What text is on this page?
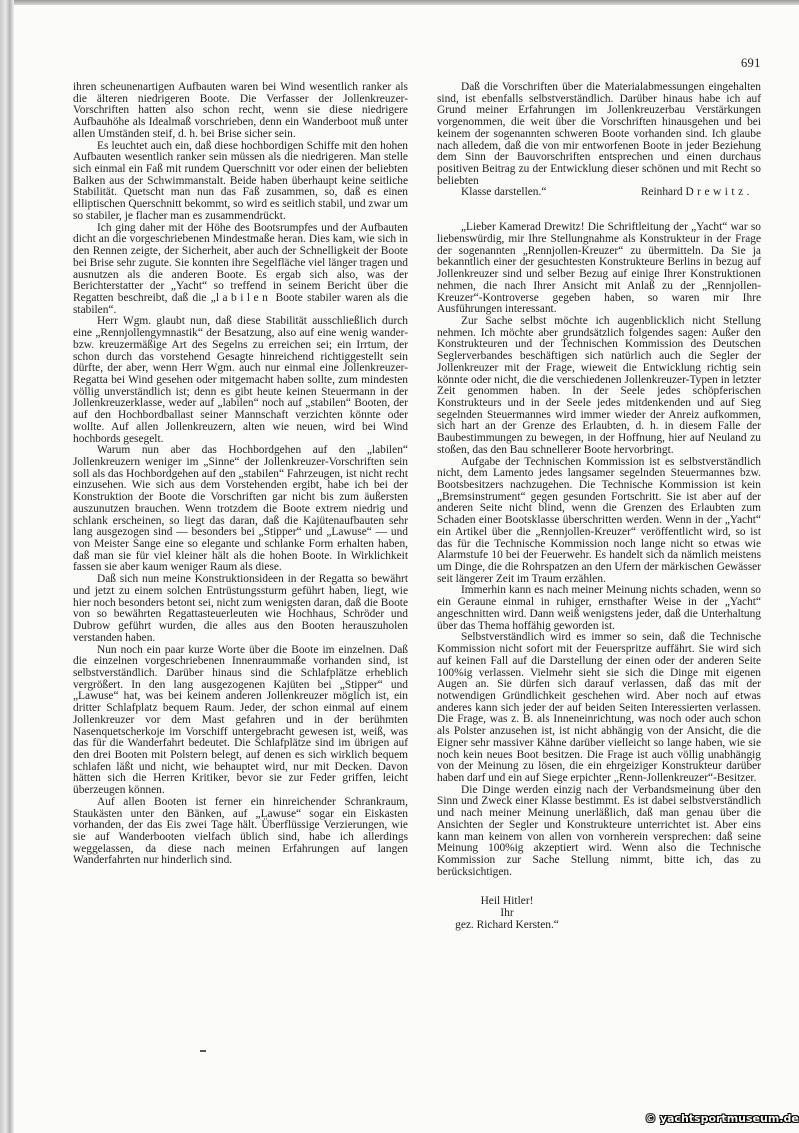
691

ihren scheunenartigen Aufbauten waren bei Wind wesentlich ranker als die älteren niedrigeren Boote. Die Verfasser der Jollenkreuzer-Vorschriften hatten also schon recht, wenn sie diese niedrigere Aufbauhöhe als Idealmaß vorschrieben, denn ein Wanderboot muß unter allen Umständen steif, d. h. bei Brise sicher sein.

Es leuchtet auch ein, daß diese hochbordigen Schiffe mit den hohen Aufbauten wesentlich ranker sein müssen als die niedrigeren. Man stelle sich einmal ein Faß mit rundem Querschnitt vor oder einen der beliebten Balken aus der Schwimmanstalt. Beide haben überhaupt keine seitliche Stabilität. Quetscht man nun das Faß zusammen, so, daß es einen elliptischen Querschnitt bekommt, so wird es seitlich stabil, und zwar um so stabiler, je flacher man es zusammendrückt.

Ich ging daher mit der Höhe des Bootsrumpfes und der Aufbauten dicht an die vorgeschriebenen Mindestmaße heran. Dies kam, wie sich in den Rennen zeigte, der Sicherheit, aber auch der Schnelligkeit der Boote bei Brise sehr zugute. Sie konnten ihre Segelfläche viel länger tragen und ausnutzen als die anderen Boote. Es ergab sich also, was der Berichterstatter der „Yacht“ so treffend in seinem Bericht über die Regatten beschreibt, daß die „labilen Boote stabiler waren als die stabilen“.

Herr Wgm. glaubt nun, daß diese Stabilität ausschließlich durch eine „Rennjollengymnastik“ der Besatzung, also auf eine wenig wander- bzw. kreuzermäßige Art des Segelns zu erreichen sei; ein Irrtum, der schon durch das vorstehend Gesagte hinreichend richtiggestellt sein dürfte, der aber, wenn Herr Wgm. auch nur einmal eine Jollenkreuzer-Regatta bei Wind gesehen oder mitgemacht haben sollte, zum mindesten völlig unverständlich ist; denn es gibt heute keinen Steuermann in der Jollenkreuzerklasse, weder auf „labilen“ noch auf „stabilen“ Booten, der auf den Hochbordballast seiner Mannschaft verzichten könnte oder wollte. Auf allen Jollenkreuzern, alten wie neuen, wird bei Wind hochbords gesegelt.

Warum nun aber das Hochbordgehen auf den „labilen“ Jollenkreuzern weniger im „Sinne“ der Jollenkreuzer-Vorschriften sein soll als das Hochbordgehen auf den „stabilen“ Fahrzeugen, ist nicht recht einzusehen. Wie sich aus dem Vorstehenden ergibt, habe ich bei der Konstruktion der Boote die Vorschriften gar nicht bis zum äußersten auszunutzen brauchen. Wenn trotzdem die Boote extrem niedrig und schlank erscheinen, so liegt das daran, daß die Kajütenaufbauten sehr lang ausgezogen sind — besonders bei „Stipper“ und „Lawuse“ — und von Meister Sange eine so elegante und schlanke Form erhalten haben, daß man sie für viel kleiner hält als die hohen Boote. In Wirklichkeit fassen sie aber kaum weniger Raum als diese.

Daß sich nun meine Konstruktionsideen in der Regatta so bewährt und jetzt zu einem solchen Entrüstungssturm geführt haben, liegt, wie hier noch besonders betont sei, nicht zum wenigsten daran, daß die Boote von so bewährten Regattasteuerleuten wie Hochhaus, Schröder und Dubrow geführt wurden, die alles aus den Booten herauszuholen verstanden haben.

Nun noch ein paar kurze Worte über die Boote im einzelnen. Daß die einzelnen vorgeschriebenen Innenraummaße vorhanden sind, ist selbstverständlich. Darüber hinaus sind die Schlafplätze erheblich vergrößert. In den lang ausgezogenen Kajüten bei „Stipper“ und „Lawuse“ hat, was bei keinem anderen Jollenkreuzer möglich ist, ein dritter Schlafplatz bequem Raum. Jeder, der schon einmal auf einem Jollenkreuzer vor dem Mast gefahren und in der berühmten Nasenquetscherkoje im Vorschiff untergebracht gewesen ist, weiß, was das für die Wanderfahrt bedeutet. Die Schlafplätze sind im übrigen auf den drei Booten mit Polstern belegt, auf denen es sich wirklich bequem schlafen läßt und nicht, wie behauptet wird, nur mit Decken. Davon hätten sich die Herren Kritiker, bevor sie zur Feder griffen, leicht überzeugen können.

Auf allen Booten ist ferner ein hinreichender Schrankraum, Staukästen unter den Bänken, auf „Lawuse“ sogar ein Eiskasten vorhanden, der das Eis zwei Tage hält. Überflüssige Verzierungen, wie sie auf Wanderbooten vielfach üblich sind, habe ich allerdings weggelassen, da diese nach meinen Erfahrungen auf langen Wanderfahrten nur hinderlich sind.

Daß die Vorschriften über die Materialabmessungen eingehalten sind, ist ebenfalls selbstverständlich. Darüber hinaus habe ich auf Grund meiner Erfahrungen im Jollenkreuzerbau Verstärkungen vorgenommen, die weit über die Vorschriften hinausgehen und bei keinem der sogenannten schweren Boote vorhanden sind. Ich glaube nach alledem, daß die von mir entworfenen Boote in jeder Beziehung dem Sinn der Bauvorschriften entsprechen und einen durchaus positiven Beitrag zu der Entwicklung dieser schönen und mit Recht so beliebten

Klasse darstellen.“	Reinhard Drewitz.

„Lieber Kamerad Drewitz! Die Schriftleitung der „Yacht“ war so liebenswürdig, mir Ihre Stellungnahme als Konstrukteur in der Frage der sogenannten „Rennjollen-Kreuzer“ zu übermitteln. Da Sie ja bekanntlich einer der gesuchtesten Konstrukteure Berlins in bezug auf Jollenkreuzer sind und selber Bezug auf einige Ihrer Konstruktionen nehmen, die nach Ihrer Ansicht mit Anlaß zu der „Rennjollen-Kreuzer“-Kontroverse gegeben haben, so waren mir Ihre Ausführungen interessant.

Zur Sache selbst möchte ich augenblicklich nicht Stellung nehmen. Ich möchte aber grundsätzlich folgendes sagen: Außer den Konstrukteuren und der Technischen Kommission des Deutschen Seglerverbandes beschäftigen sich natürlich auch die Segler der Jollenkreuzer mit der Frage, wieweit die Entwicklung richtig sein könnte oder nicht, die die verschiedenen Jollenkreuzer-Typen in letzter Zeit genommen haben. In der Seele jedes schöpferischen Konstrukteurs und in der Seele jedes mitdenkenden und auf Sieg segelnden Steuermannes wird immer wieder der Anreiz aufkommen, sich hart an der Grenze des Erlaubten, d. h. in diesem Falle der Baubestimmungen zu bewegen, in der Hoffnung, hier auf Neuland zu stoßen, das den Bau schnellerer Boote hervorbringt.

Aufgabe der Technischen Kommission ist es selbstverständlich nicht, dem Lamento jedes langsamer segelnden Steuermannes bzw. Bootsbesitzers nachzugehen. Die Technische Kommission ist kein „Bremsinstrument“ gegen gesunden Fortschritt. Sie ist aber auf der anderen Seite nicht blind, wenn die Grenzen des Erlaubten zum Schaden einer Bootsklasse überschritten werden. Wenn in der „Yacht“ ein Artikel über die „Rennjollen-Kreuzer“ veröffentlicht wird, so ist das für die Technische Kommission noch lange nicht so etwas wie Alarmstufe 10 bei der Feuerwehr. Es handelt sich da nämlich meistens um Dinge, die die Rohrspatzen an den Ufern der märkischen Gewässer seit längerer Zeit im Traum erzählen.

Immerhin kann es nach meiner Meinung nichts schaden, wenn so ein Geraune einmal in ruhiger, ernsthafter Weise in der „Yacht“ angeschnitten wird. Dann weiß wenigstens jeder, daß die Unterhaltung über das Thema hoffähig geworden ist.

Selbstverständlich wird es immer so sein, daß die Technische Kommission nicht sofort mit der Feuerspritze auffährt. Sie wird sich auf keinen Fall auf die Darstellung der einen oder der anderen Seite 100%ig verlassen. Vielmehr sieht sie sich die Dinge mit eigenen Augen an. Sie dürfen sich darauf verlassen, daß das mit der notwendigen Gründlichkeit geschehen wird. Aber noch auf etwas anderes kann sich jeder der auf beiden Seiten Interessierten verlassen. Die Frage, was z. B. als Inneneinrichtung, was noch oder auch schon als Polster anzusehen ist, ist nicht abhängig von der Ansicht, die die Eigner sehr massiver Kähne darüber vielleicht so lange haben, wie sie noch kein neues Boot besitzen. Die Frage ist auch völlig unabhängig von der Meinung zu lösen, die ein ehrgeiziger Konstrukteur darüber haben darf und ein auf Siege erpichter „Renn-Jollenkreuzer“-Besitzer.

Die Dinge werden einzig nach der Verbandsmeinung über den Sinn und Zweck einer Klasse bestimmt. Es ist dabei selbstverständlich und nach meiner Meinung unerläßlich, daß man genau über die Ansichten der Segler und Konstrukteure unterrichtet ist. Aber eins kann man keinem von allen von vornherein versprechen: daß seine Meinung 100%ig akzeptiert wird. Wenn also die Technische Kommission zur Sache Stellung nimmt, bitte ich, das zu berücksichtigen.

Heil Hitler!

Ihr

gez. Richard Kersten.“

© yachtsportmuseum.de
